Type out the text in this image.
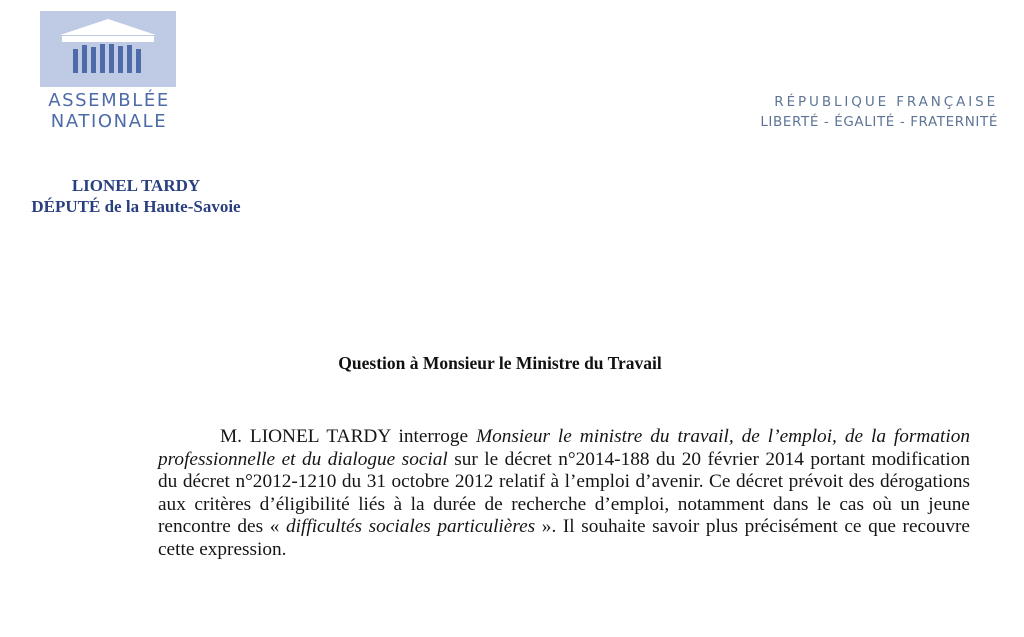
ASSEMBLÉE
NATIONALE
RÉPUBLIQUE FRANÇAISE
LIBERTÉ - ÉGALITÉ - FRATERNITÉ
LIONEL TARDY
DÉPUTÉ de la Haute-Savoie
Question à Monsieur le Ministre du Travail

M. LIONEL TARDY interroge Monsieur le ministre du travail, de l’emploi, de la formation professionnelle et du dialogue social sur le décret n°2014-188 du 20 février 2014 portant modification du décret n°2012-1210 du 31 octobre 2012 relatif à l’emploi d’avenir. Ce décret prévoit des dérogations aux critères d’éligibilité liés à la durée de recherche d’emploi, notamment dans le cas où un jeune rencontre des « difficultés sociales particulières ». Il souhaite savoir plus précisément ce que recouvre cette expression.
